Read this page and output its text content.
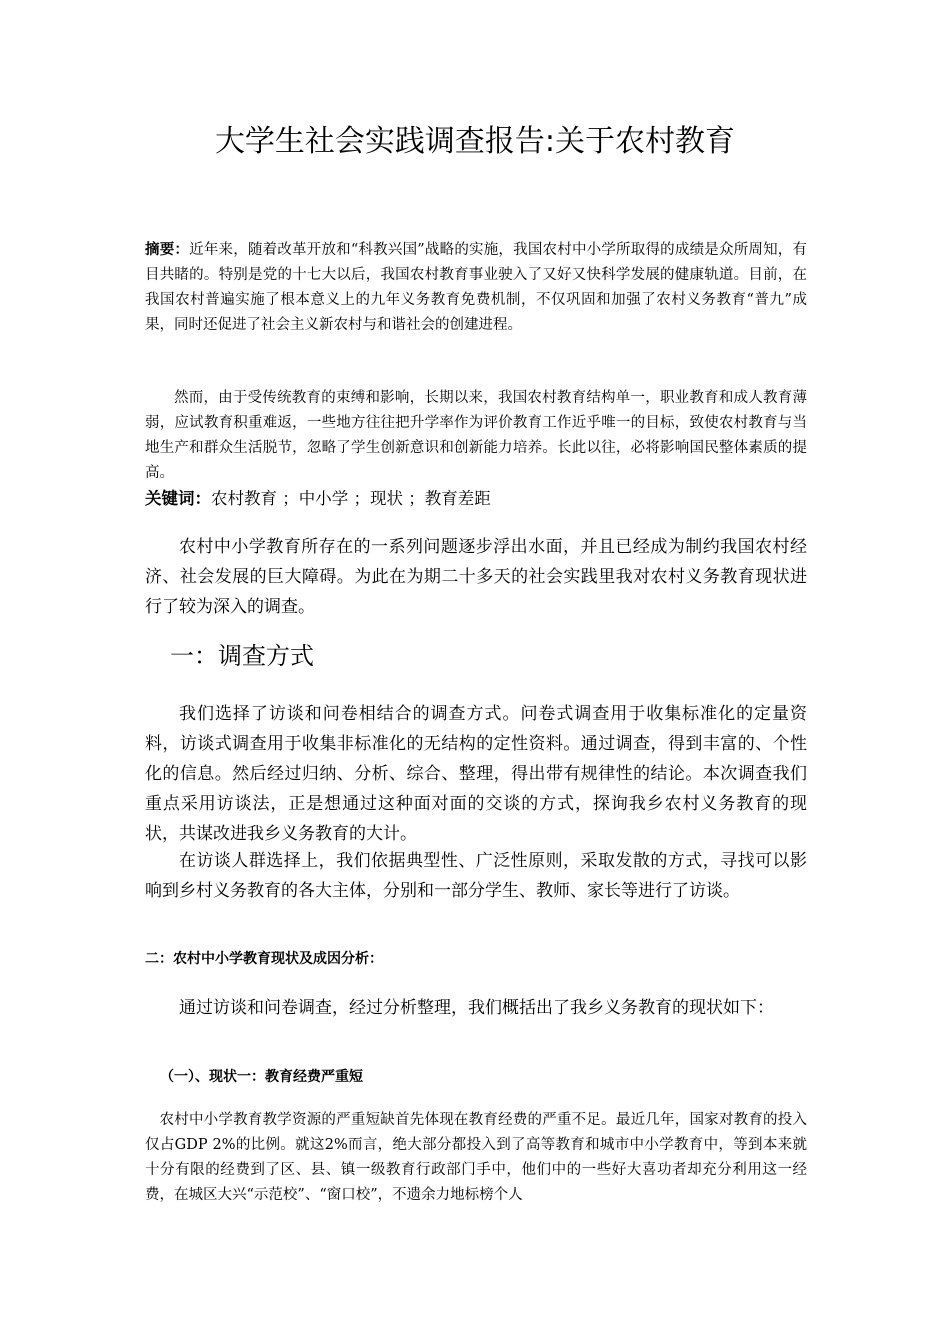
大学生社会实践调查报告:关于农村教育

摘要：近年来，随着改革开放和“科教兴国”战略的实施，我国农村中小学所取得的成绩是众所周知，有目共睹的。特别是党的十七大以后，我国农村教育事业驶入了又好又快科学发展的健康轨道。目前，在我国农村普遍实施了根本意义上的九年义务教育免费机制，不仅巩固和加强了农村义务教育“普九”成果，同时还促进了社会主义新农村与和谐社会的创建进程。

然而，由于受传统教育的束缚和影响，长期以来，我国农村教育结构单一，职业教育和成人教育薄弱，应试教育积重难返，一些地方往往把升学率作为评价教育工作近乎唯一的目标，致使农村教育与当地生产和群众生活脱节，忽略了学生创新意识和创新能力培养。长此以往，必将影响国民整体素质的提高。

关键词：农村教育 ；中小学 ；现状 ；教育差距

农村中小学教育所存在的一系列问题逐步浮出水面，并且已经成为制约我国农村经济、社会发展的巨大障碍。为此在为期二十多天的社会实践里我对农村义务教育现状进行了较为深入的调查。

一：调查方式

我们选择了访谈和问卷相结合的调查方式。问卷式调查用于收集标准化的定量资料，访谈式调查用于收集非标准化的无结构的定性资料。通过调查，得到丰富的、个性化的信息。然后经过归纳、分析、综合、整理，得出带有规律性的结论。本次调查我们重点采用访谈法，正是想通过这种面对面的交谈的方式，探询我乡农村义务教育的现状，共谋改进我乡义务教育的大计。

在访谈人群选择上，我们依据典型性、广泛性原则，采取发散的方式，寻找可以影响到乡村义务教育的各大主体，分别和一部分学生、教师、家长等进行了访谈。

二：农村中小学教育现状及成因分析：

通过访谈和问卷调查，经过分析整理，我们概括出了我乡义务教育的现状如下：

（一）、现状一：教育经费严重短

农村中小学教育教学资源的严重短缺首先体现在教育经费的严重不足。最近几年，国家对教育的投入仅占GDP 2%的比例。就这2%而言，绝大部分都投入到了高等教育和城市中小学教育中，等到本来就十分有限的经费到了区、县、镇一级教育行政部门手中，他们中的一些好大喜功者却充分利用这一经费，在城区大兴“示范校”、“窗口校”，不遗余力地标榜个人
